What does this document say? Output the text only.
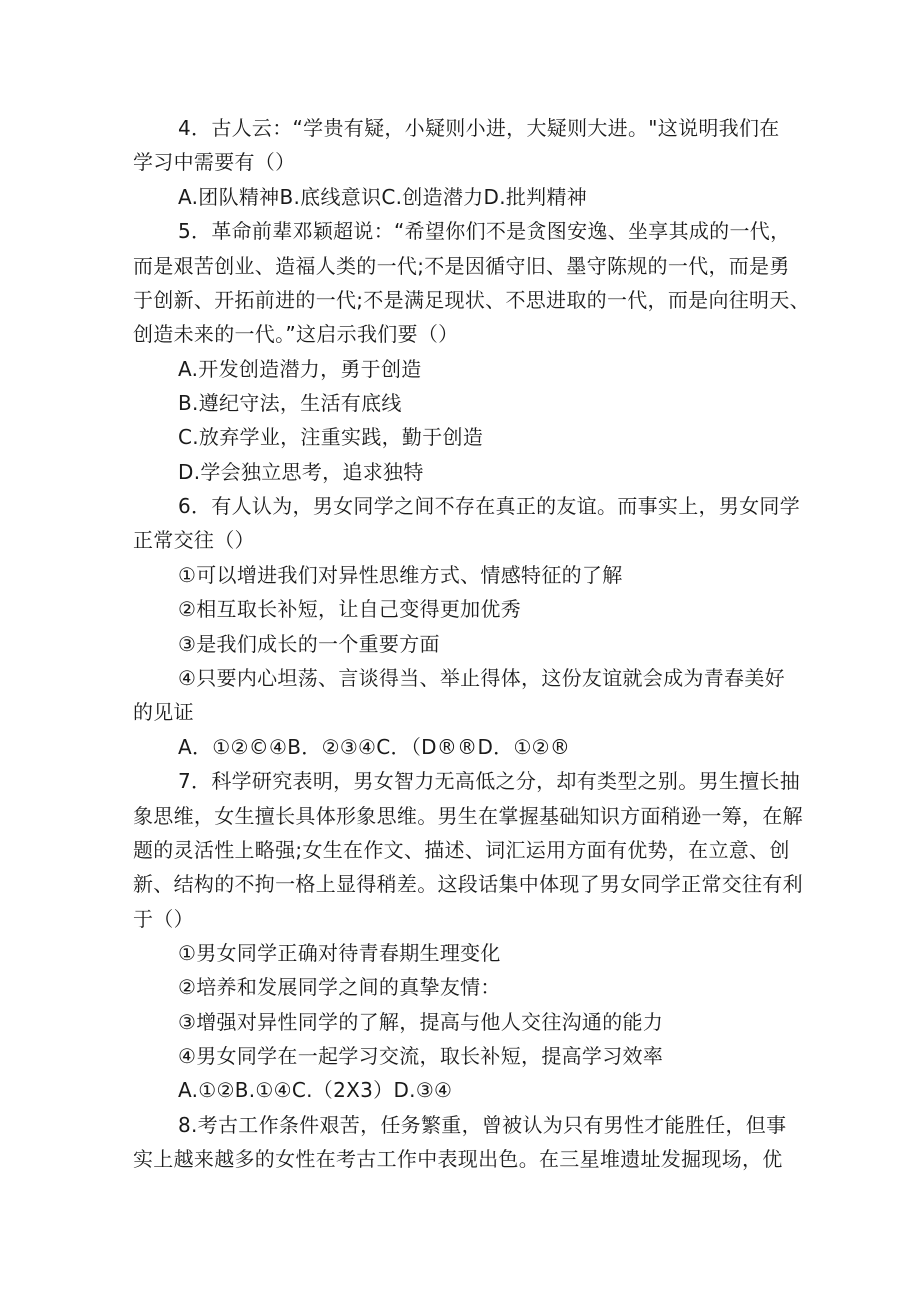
4．古人云：“学贵有疑，小疑则小进，大疑则大进。"这说明我们在
学习中需要有（）
A.团队精神B.底线意识C.创造潜力D.批判精神
5．革命前辈邓颖超说：“希望你们不是贪图安逸、坐享其成的一代，
而是艰苦创业、造福人类的一代;不是因循守旧、墨守陈规的一代，而是勇
于创新、开拓前进的一代;不是满足现状、不思进取的一代，而是向往明天、
创造未来的一代。”这启示我们要（）
A.开发创造潜力，勇于创造
B.遵纪守法，生活有底线
C.放弃学业，注重实践，勤于创造
D.学会独立思考，追求独特
6．有人认为，男女同学之间不存在真正的友谊。而事实上，男女同学
正常交往（）
①可以增进我们对异性思维方式、情感特征的了解
②相互取长补短，让自己变得更加优秀
③是我们成长的一个重要方面
④只要内心坦荡、言谈得当、举止得体，这份友谊就会成为青春美好
的见证
A．①②©④B．②③④C．（D®®D．①②®
7．科学研究表明，男女智力无高低之分，却有类型之别。男生擅长抽
象思维，女生擅长具体形象思维。男生在掌握基础知识方面稍逊一筹，在解
题的灵活性上略强;女生在作文、描述、词汇运用方面有优势，在立意、创
新、结构的不拘一格上显得稍差。这段话集中体现了男女同学正常交往有利
于（）
①男女同学正确对待青春期生理变化
②培养和发展同学之间的真挚友情：
③增强对异性同学的了解，提高与他人交往沟通的能力
④男女同学在一起学习交流，取长补短，提高学习效率
A.①②B.①④C.（2X3）D.③④
8.考古工作条件艰苦，任务繁重，曾被认为只有男性才能胜任，但事
实上越来越多的女性在考古工作中表现出色。在三星堆遗址发掘现场，优
